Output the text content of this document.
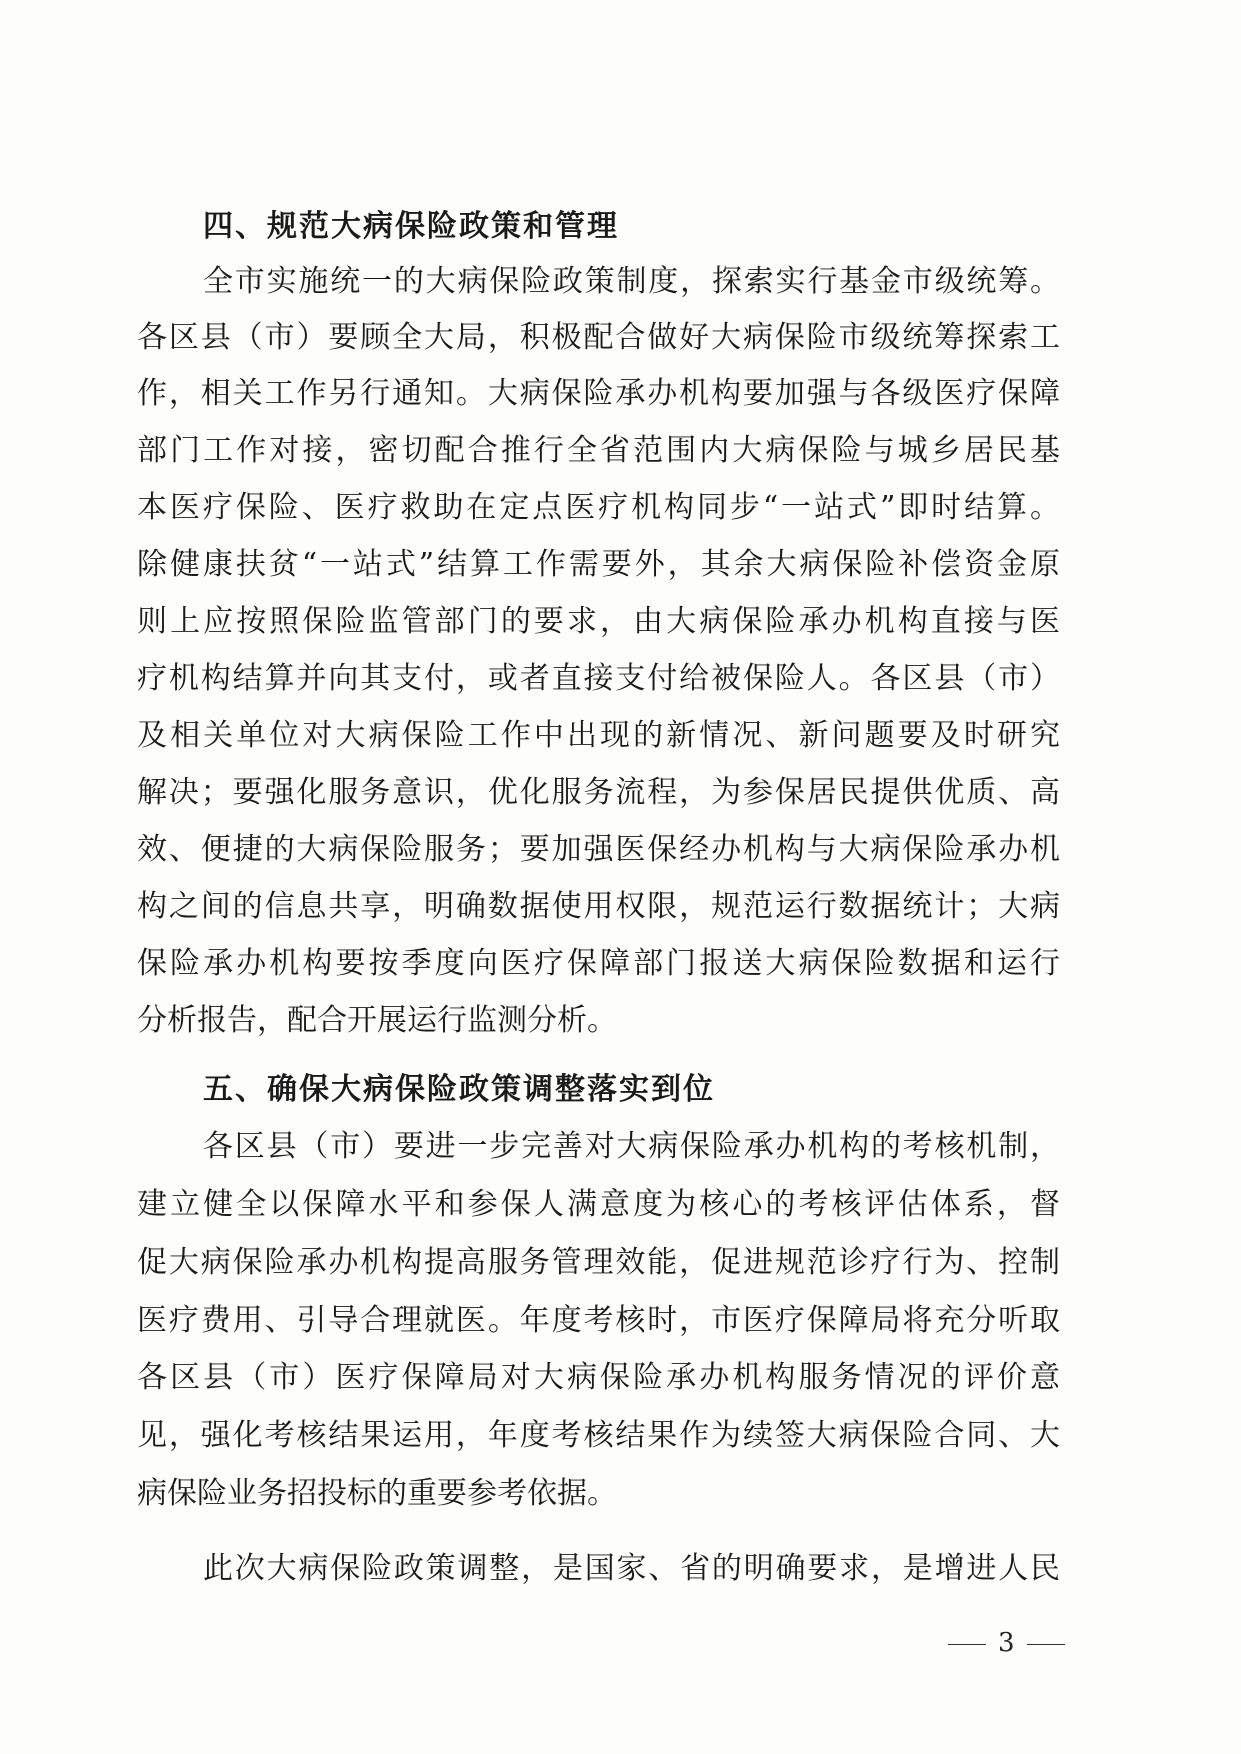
四、规范大病保险政策和管理

全市实施统一的大病保险政策制度，探索实行基金市级统筹。

各区县（市）要顾全大局，积极配合做好大病保险市级统筹探索工

作，相关工作另行通知。大病保险承办机构要加强与各级医疗保障

部门工作对接，密切配合推行全省范围内大病保险与城乡居民基

本医疗保险、医疗救助在定点医疗机构同步“一站式”即时结算。

除健康扶贫“一站式”结算工作需要外，其余大病保险补偿资金原

则上应按照保险监管部门的要求，由大病保险承办机构直接与医

疗机构结算并向其支付，或者直接支付给被保险人。各区县（市）

及相关单位对大病保险工作中出现的新情况、新问题要及时研究

解决；要强化服务意识，优化服务流程，为参保居民提供优质、高

效、便捷的大病保险服务；要加强医保经办机构与大病保险承办机

构之间的信息共享，明确数据使用权限，规范运行数据统计；大病

保险承办机构要按季度向医疗保障部门报送大病保险数据和运行

分析报告，配合开展运行监测分析。

五、确保大病保险政策调整落实到位

各区县（市）要进一步完善对大病保险承办机构的考核机制，

建立健全以保障水平和参保人满意度为核心的考核评估体系，督

促大病保险承办机构提高服务管理效能，促进规范诊疗行为、控制

医疗费用、引导合理就医。年度考核时，市医疗保障局将充分听取

各区县（市）医疗保障局对大病保险承办机构服务情况的评价意

见，强化考核结果运用，年度考核结果作为续签大病保险合同、大

病保险业务招投标的重要参考依据。

此次大病保险政策调整，是国家、省的明确要求，是增进人民

3
